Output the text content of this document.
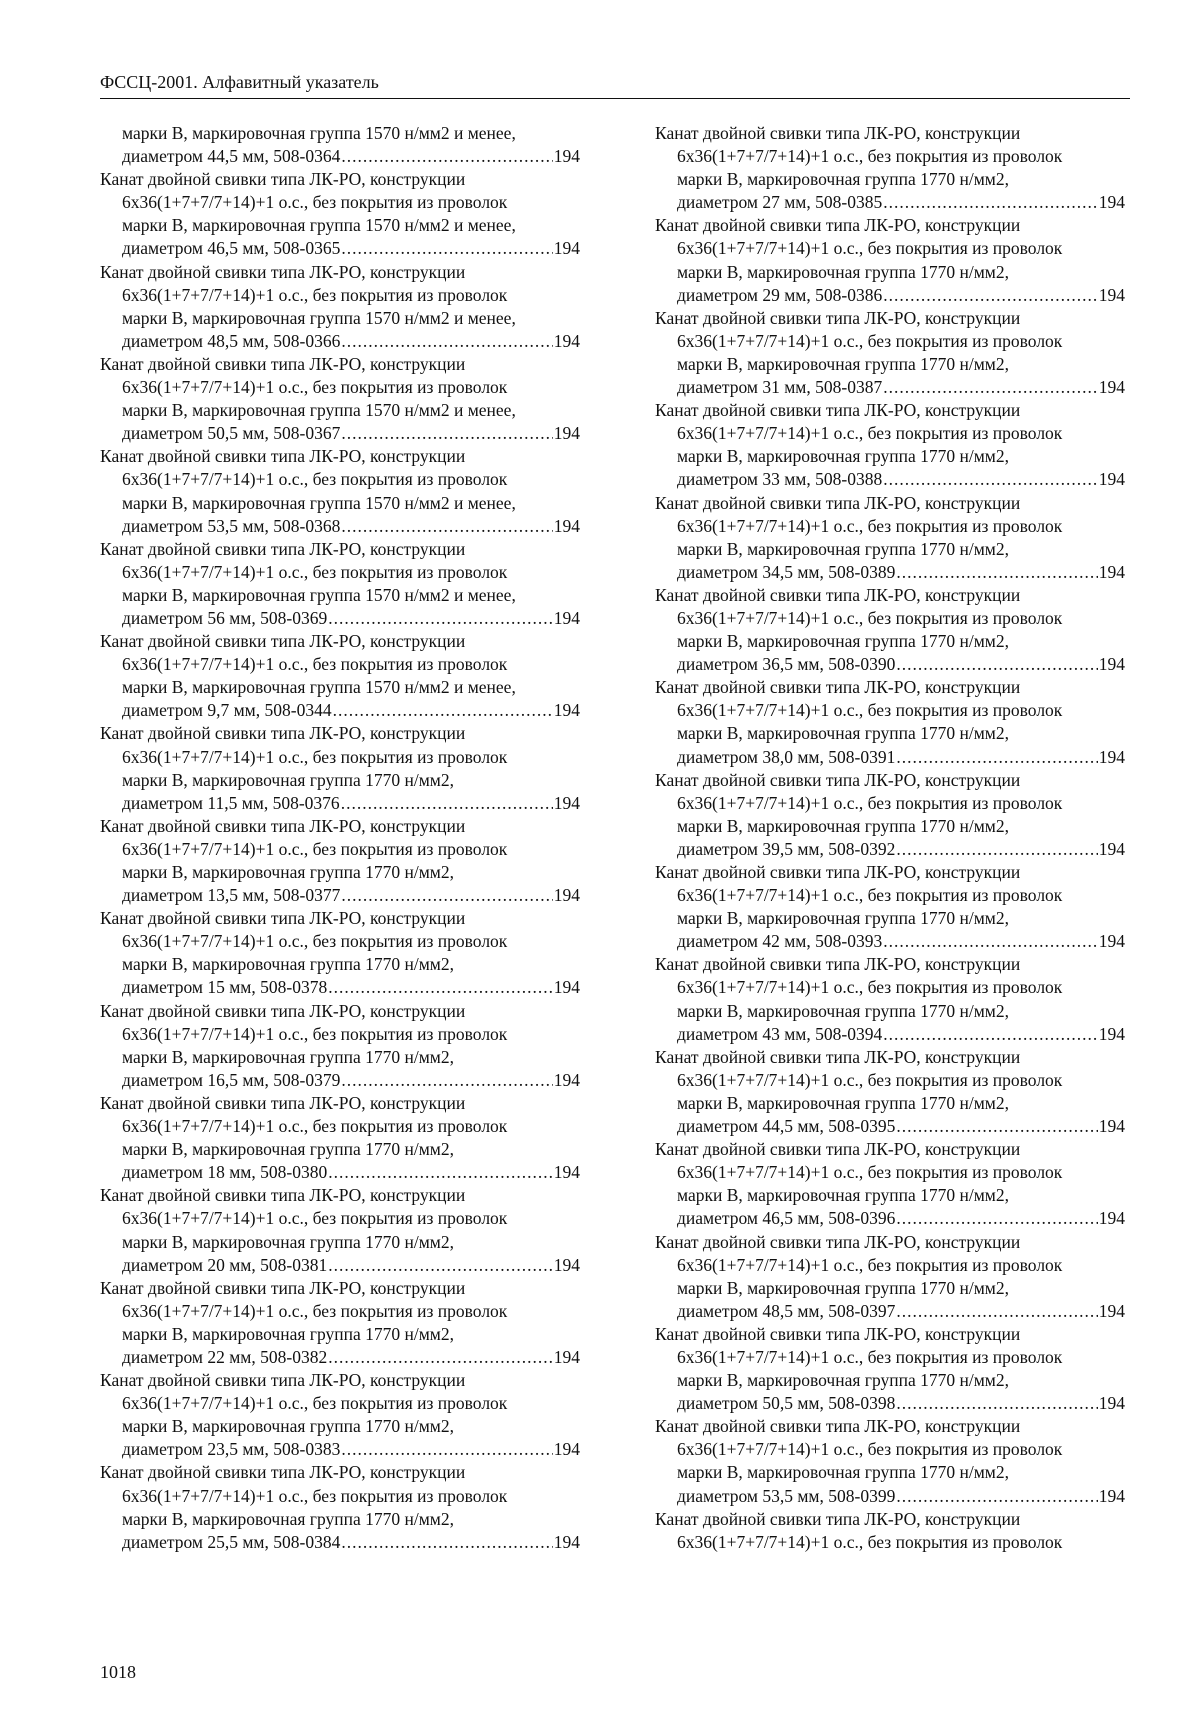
ФССЦ-2001. Алфавитный указатель
марки В, маркировочная группа 1570 н/мм2 и менее,
диаметром 44,5 мм, 508-0364 .....	194
Канат двойной свивки типа ЛК-РО, конструкции
6х36(1+7+7/7+14)+1 о.с., без покрытия из проволок
марки В, маркировочная группа 1570 н/мм2 и менее,
диаметром 46,5 мм, 508-0365 .....	194
Канат двойной свивки типа ЛК-РО, конструкции
6х36(1+7+7/7+14)+1 о.с., без покрытия из проволок
марки В, маркировочная группа 1570 н/мм2 и менее,
диаметром 48,5 мм, 508-0366 .....	194
Канат двойной свивки типа ЛК-РО, конструкции
6х36(1+7+7/7+14)+1 о.с., без покрытия из проволок
марки В, маркировочная группа 1570 н/мм2 и менее,
диаметром 50,5 мм, 508-0367 .....	194
Канат двойной свивки типа ЛК-РО, конструкции
6х36(1+7+7/7+14)+1 о.с., без покрытия из проволок
марки В, маркировочная группа 1570 н/мм2 и менее,
диаметром 53,5 мм, 508-0368 .....	194
Канат двойной свивки типа ЛК-РО, конструкции
6х36(1+7+7/7+14)+1 о.с., без покрытия из проволок
марки В, маркировочная группа 1570 н/мм2 и менее,
диаметром 56 мм, 508-0369 .....	194
Канат двойной свивки типа ЛК-РО, конструкции
6х36(1+7+7/7+14)+1 о.с., без покрытия из проволок
марки В, маркировочная группа 1570 н/мм2 и менее,
диаметром 9,7 мм, 508-0344 .....	194
Канат двойной свивки типа ЛК-РО, конструкции
6х36(1+7+7/7+14)+1 о.с., без покрытия из проволок
марки В, маркировочная группа 1770 н/мм2,
диаметром 11,5 мм, 508-0376 .....	194
Канат двойной свивки типа ЛК-РО, конструкции
6х36(1+7+7/7+14)+1 о.с., без покрытия из проволок
марки В, маркировочная группа 1770 н/мм2,
диаметром 13,5 мм, 508-0377 .....	194
Канат двойной свивки типа ЛК-РО, конструкции
6х36(1+7+7/7+14)+1 о.с., без покрытия из проволок
марки В, маркировочная группа 1770 н/мм2,
диаметром 15 мм, 508-0378 .....	194
Канат двойной свивки типа ЛК-РО, конструкции
6х36(1+7+7/7+14)+1 о.с., без покрытия из проволок
марки В, маркировочная группа 1770 н/мм2,
диаметром 16,5 мм, 508-0379 .....	194
Канат двойной свивки типа ЛК-РО, конструкции
6х36(1+7+7/7+14)+1 о.с., без покрытия из проволок
марки В, маркировочная группа 1770 н/мм2,
диаметром 18 мм, 508-0380 .....	194
Канат двойной свивки типа ЛК-РО, конструкции
6х36(1+7+7/7+14)+1 о.с., без покрытия из проволок
марки В, маркировочная группа 1770 н/мм2,
диаметром 20 мм, 508-0381 .....	194
Канат двойной свивки типа ЛК-РО, конструкции
6х36(1+7+7/7+14)+1 о.с., без покрытия из проволок
марки В, маркировочная группа 1770 н/мм2,
диаметром 22 мм, 508-0382 .....	194
Канат двойной свивки типа ЛК-РО, конструкции
6х36(1+7+7/7+14)+1 о.с., без покрытия из проволок
марки В, маркировочная группа 1770 н/мм2,
диаметром 23,5 мм, 508-0383 .....	194
Канат двойной свивки типа ЛК-РО, конструкции
6х36(1+7+7/7+14)+1 о.с., без покрытия из проволок
марки В, маркировочная группа 1770 н/мм2,
диаметром 25,5 мм, 508-0384 .....	194
Канат двойной свивки типа ЛК-РО, конструкции
6х36(1+7+7/7+14)+1 о.с., без покрытия из проволок
марки В, маркировочная группа 1770 н/мм2,
диаметром 27 мм, 508-0385 .....	194
Канат двойной свивки типа ЛК-РО, конструкции
6х36(1+7+7/7+14)+1 о.с., без покрытия из проволок
марки В, маркировочная группа 1770 н/мм2,
диаметром 29 мм, 508-0386 .....	194
Канат двойной свивки типа ЛК-РО, конструкции
6х36(1+7+7/7+14)+1 о.с., без покрытия из проволок
марки В, маркировочная группа 1770 н/мм2,
диаметром 31 мм, 508-0387 .....	194
Канат двойной свивки типа ЛК-РО, конструкции
6х36(1+7+7/7+14)+1 о.с., без покрытия из проволок
марки В, маркировочная группа 1770 н/мм2,
диаметром 33 мм, 508-0388 .....	194
Канат двойной свивки типа ЛК-РО, конструкции
6х36(1+7+7/7+14)+1 о.с., без покрытия из проволок
марки В, маркировочная группа 1770 н/мм2,
диаметром 34,5 мм, 508-0389 .....	194
Канат двойной свивки типа ЛК-РО, конструкции
6х36(1+7+7/7+14)+1 о.с., без покрытия из проволок
марки В, маркировочная группа 1770 н/мм2,
диаметром 36,5 мм, 508-0390 .....	194
Канат двойной свивки типа ЛК-РО, конструкции
6х36(1+7+7/7+14)+1 о.с., без покрытия из проволок
марки В, маркировочная группа 1770 н/мм2,
диаметром 38,0 мм, 508-0391 .....	194
Канат двойной свивки типа ЛК-РО, конструкции
6х36(1+7+7/7+14)+1 о.с., без покрытия из проволок
марки В, маркировочная группа 1770 н/мм2,
диаметром 39,5 мм, 508-0392 .....	194
Канат двойной свивки типа ЛК-РО, конструкции
6х36(1+7+7/7+14)+1 о.с., без покрытия из проволок
марки В, маркировочная группа 1770 н/мм2,
диаметром 42 мм, 508-0393 .....	194
Канат двойной свивки типа ЛК-РО, конструкции
6х36(1+7+7/7+14)+1 о.с., без покрытия из проволок
марки В, маркировочная группа 1770 н/мм2,
диаметром 43 мм, 508-0394 .....	194
Канат двойной свивки типа ЛК-РО, конструкции
6х36(1+7+7/7+14)+1 о.с., без покрытия из проволок
марки В, маркировочная группа 1770 н/мм2,
диаметром 44,5 мм, 508-0395 .....	194
Канат двойной свивки типа ЛК-РО, конструкции
6х36(1+7+7/7+14)+1 о.с., без покрытия из проволок
марки В, маркировочная группа 1770 н/мм2,
диаметром 46,5 мм, 508-0396 .....	194
Канат двойной свивки типа ЛК-РО, конструкции
6х36(1+7+7/7+14)+1 о.с., без покрытия из проволок
марки В, маркировочная группа 1770 н/мм2,
диаметром 48,5 мм, 508-0397 .....	194
Канат двойной свивки типа ЛК-РО, конструкции
6х36(1+7+7/7+14)+1 о.с., без покрытия из проволок
марки В, маркировочная группа 1770 н/мм2,
диаметром 50,5 мм, 508-0398 .....	194
Канат двойной свивки типа ЛК-РО, конструкции
6х36(1+7+7/7+14)+1 о.с., без покрытия из проволок
марки В, маркировочная группа 1770 н/мм2,
диаметром 53,5 мм, 508-0399 .....	194
Канат двойной свивки типа ЛК-РО, конструкции
6х36(1+7+7/7+14)+1 о.с., без покрытия из проволок
1018
